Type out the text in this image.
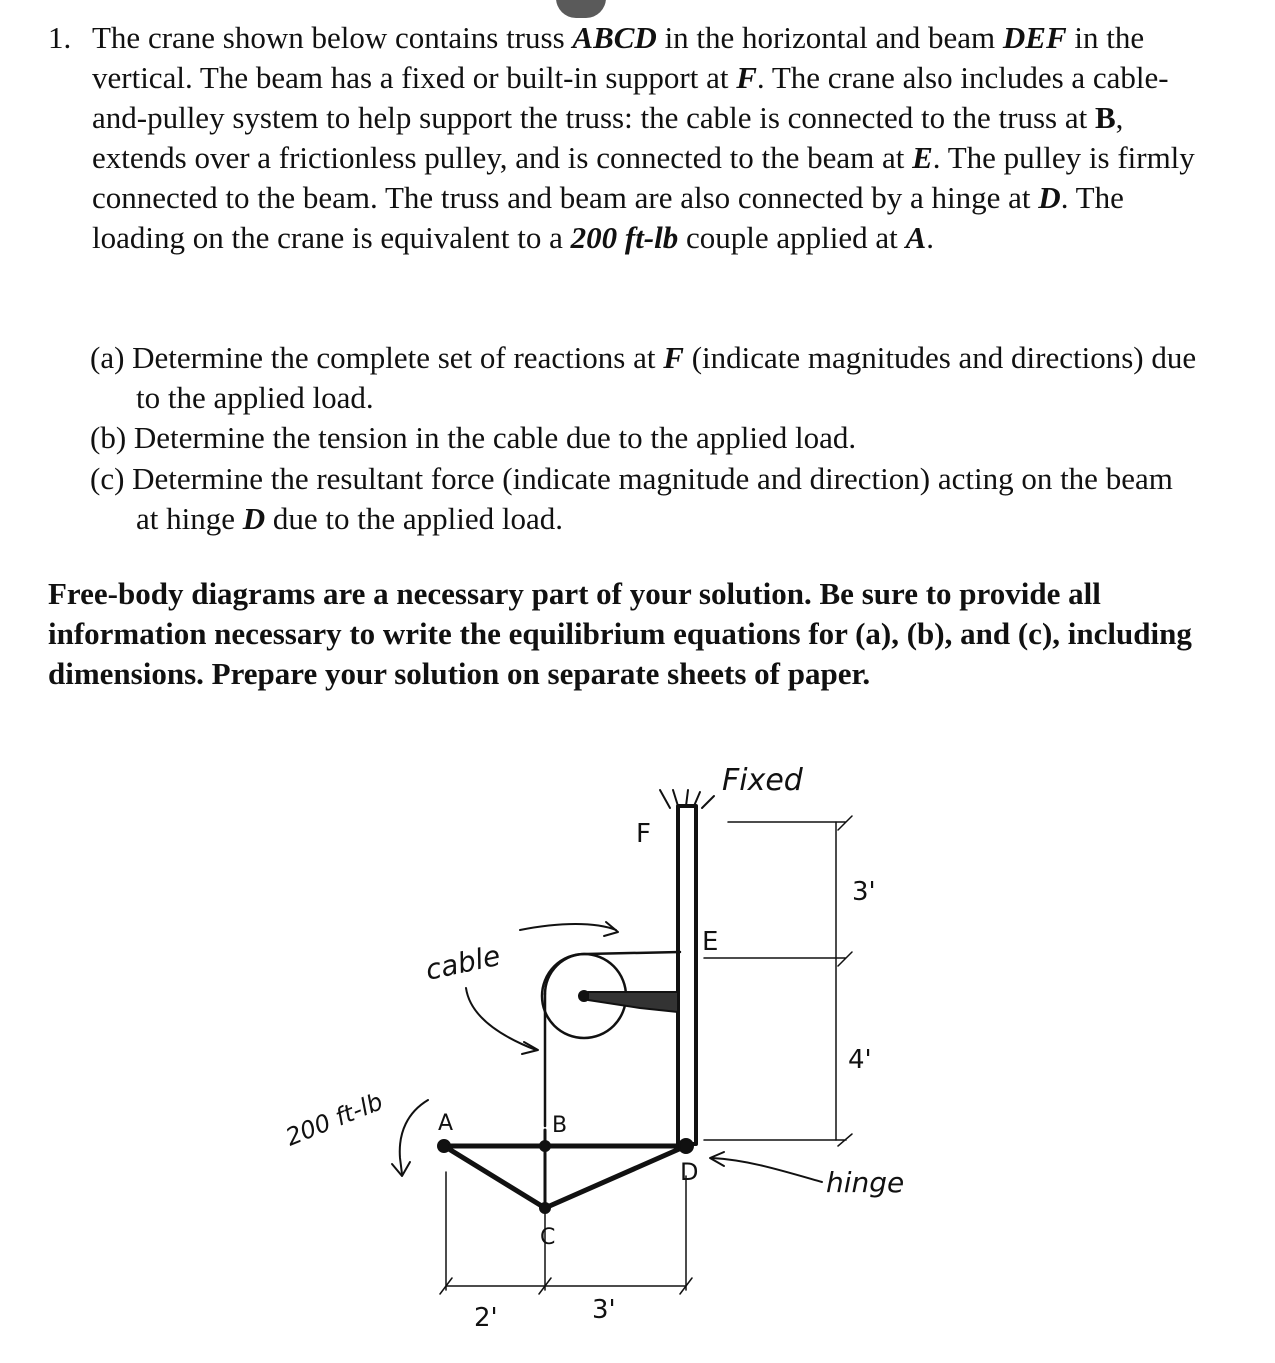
1. The crane shown below contains truss ABCD in the horizontal and beam DEF in the vertical. The beam has a fixed or built-in support at F. The crane also includes a cable-and-pulley system to help support the truss: the cable is connected to the truss at B, extends over a frictionless pulley, and is connected to the beam at E. The pulley is firmly connected to the beam. The truss and beam are also connected by a hinge at D. The loading on the crane is equivalent to a 200 ft-lb couple applied at A.
(a) Determine the complete set of reactions at F (indicate magnitudes and directions) due to the applied load.
(b) Determine the tension in the cable due to the applied load.
(c) Determine the resultant force (indicate magnitude and direction) acting on the beam at hinge D due to the applied load.
Free-body diagrams are a necessary part of your solution. Be sure to provide all information necessary to write the equilibrium equations for (a), (b), and (c), including dimensions. Prepare your solution on separate sheets of paper.
Fixed
F
E
D	hinge
cable
A	B
C
200 ft-lb
3'
4'
2'	3'
